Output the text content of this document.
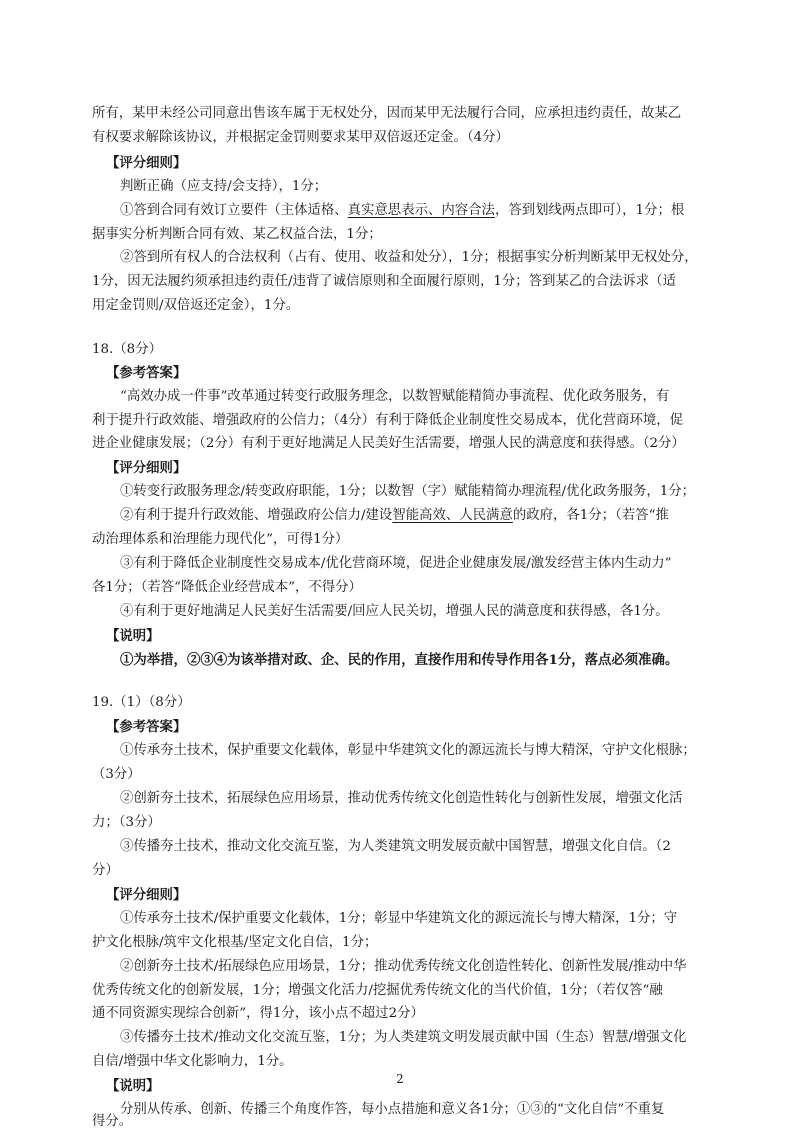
所有，某甲未经公司同意出售该车属于无权处分，因而某甲无法履行合同，应承担违约责任，故某乙
有权要求解除该协议，并根据定金罚则要求某甲双倍返还定金。（4分）
【评分细则】
判断正确（应支持/会支持），1分；
①答到合同有效订立要件（主体适格、真实意思表示、内容合法，答到划线两点即可），1分；根
据事实分析判断合同有效、某乙权益合法，1分；
②答到所有权人的合法权利（占有、使用、收益和处分），1分；根据事实分析判断某甲无权处分，
1分，因无法履约须承担违约责任/违背了诚信原则和全面履行原则，1分；答到某乙的合法诉求（适
用定金罚则/双倍返还定金），1分。
18.（8分）
【参考答案】
“高效办成一件事”改革通过转变行政服务理念，以数智赋能精简办事流程、优化政务服务，有
利于提升行政效能、增强政府的公信力；（4分）有利于降低企业制度性交易成本，优化营商环境，促
进企业健康发展；（2分）有利于更好地满足人民美好生活需要，增强人民的满意度和获得感。（2分）
【评分细则】
①转变行政服务理念/转变政府职能，1分；以数智（字）赋能精简办理流程/优化政务服务，1分；
②有利于提升行政效能、增强政府公信力/建设智能高效、人民满意的政府，各1分；（若答“推
动治理体系和治理能力现代化”，可得1分）
③有利于降低企业制度性交易成本/优化营商环境，促进企业健康发展/激发经营主体内生动力”
各1分；（若答“降低企业经营成本”，不得分）
④有利于更好地满足人民美好生活需要/回应人民关切，增强人民的满意度和获得感，各1分。
【说明】
①为举措，②③④为该举措对政、企、民的作用，直接作用和传导作用各1分，落点必须准确。
19.（1）（8分）
【参考答案】
①传承夯土技术，保护重要文化载体，彰显中华建筑文化的源远流长与博大精深，守护文化根脉；
（3分）
②创新夯土技术，拓展绿色应用场景，推动优秀传统文化创造性转化与创新性发展，增强文化活
力；（3分）
③传播夯土技术，推动文化交流互鉴，为人类建筑文明发展贡献中国智慧，增强文化自信。（2
分）
【评分细则】
①传承夯土技术/保护重要文化载体，1分；彰显中华建筑文化的源远流长与博大精深，1分；守
护文化根脉/筑牢文化根基/坚定文化自信，1分；
②创新夯土技术/拓展绿色应用场景，1分；推动优秀传统文化创造性转化、创新性发展/推动中华
优秀传统文化的创新发展，1分；增强文化活力/挖掘优秀传统文化的当代价值，1分；（若仅答“融
通不同资源实现综合创新”，得1分，该小点不超过2分）
③传播夯土技术/推动文化交流互鉴，1分；为人类建筑文明发展贡献中国（生态）智慧/增强文化
自信/增强中华文化影响力，1分。
【说明】
分别从传承、创新、传播三个角度作答，每小点措施和意义各1分；①③的“文化自信”不重复
得分。
2
